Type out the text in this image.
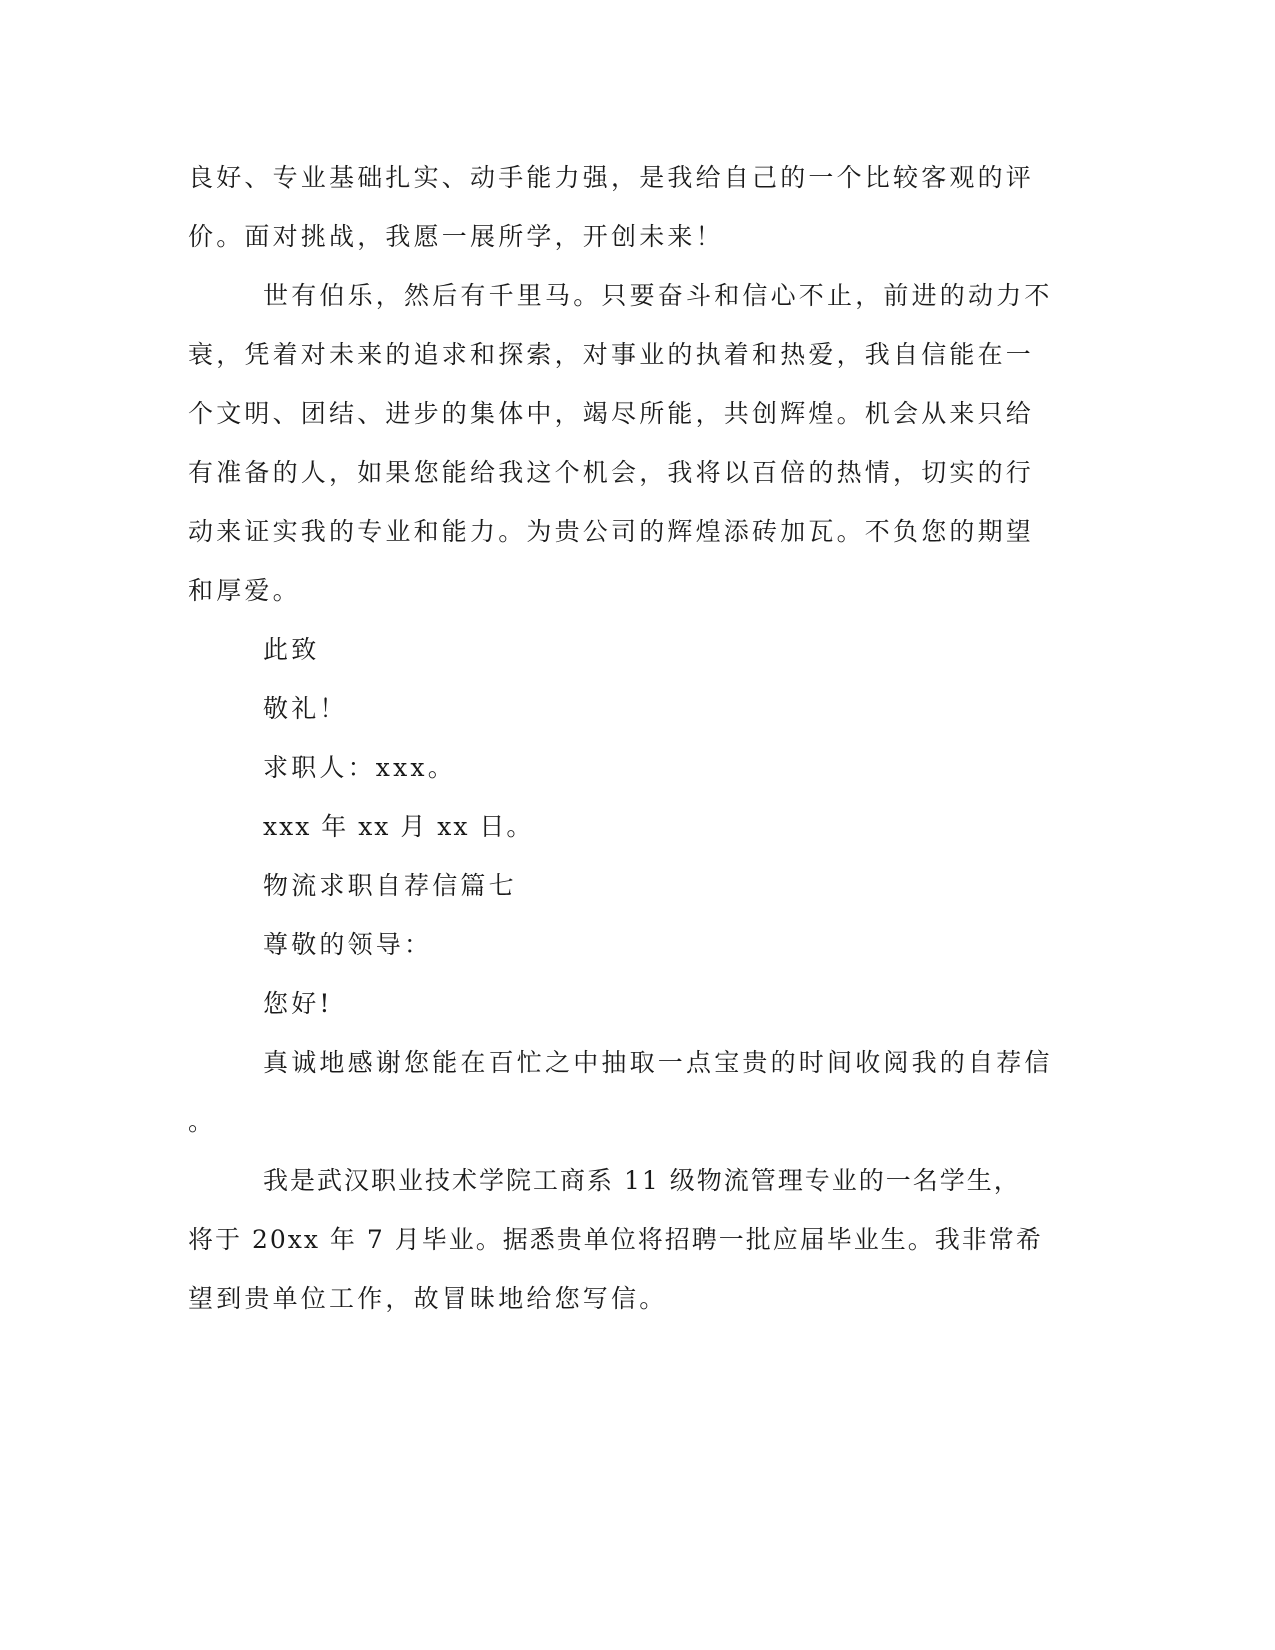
良好、专业基础扎实、动手能力强，是我给自己的一个比较客观的评
价。面对挑战，我愿一展所学，开创未来！
世有伯乐，然后有千里马。只要奋斗和信心不止，前进的动力不
衰，凭着对未来的追求和探索，对事业的执着和热爱，我自信能在一
个文明、团结、进步的集体中，竭尽所能，共创辉煌。机会从来只给
有准备的人，如果您能给我这个机会，我将以百倍的热情，切实的行
动来证实我的专业和能力。为贵公司的辉煌添砖加瓦。不负您的期望
和厚爱。
此致
敬礼！
求职人：xxx。
xxx 年 xx 月 xx 日。
物流求职自荐信篇七
尊敬的领导：
您好!
真诚地感谢您能在百忙之中抽取一点宝贵的时间收阅我的自荐信
。
我是武汉职业技术学院工商系 11 级物流管理专业的一名学生，
将于 20xx 年 7 月毕业。据悉贵单位将招聘一批应届毕业生。我非常希
望到贵单位工作，故冒昧地给您写信。
